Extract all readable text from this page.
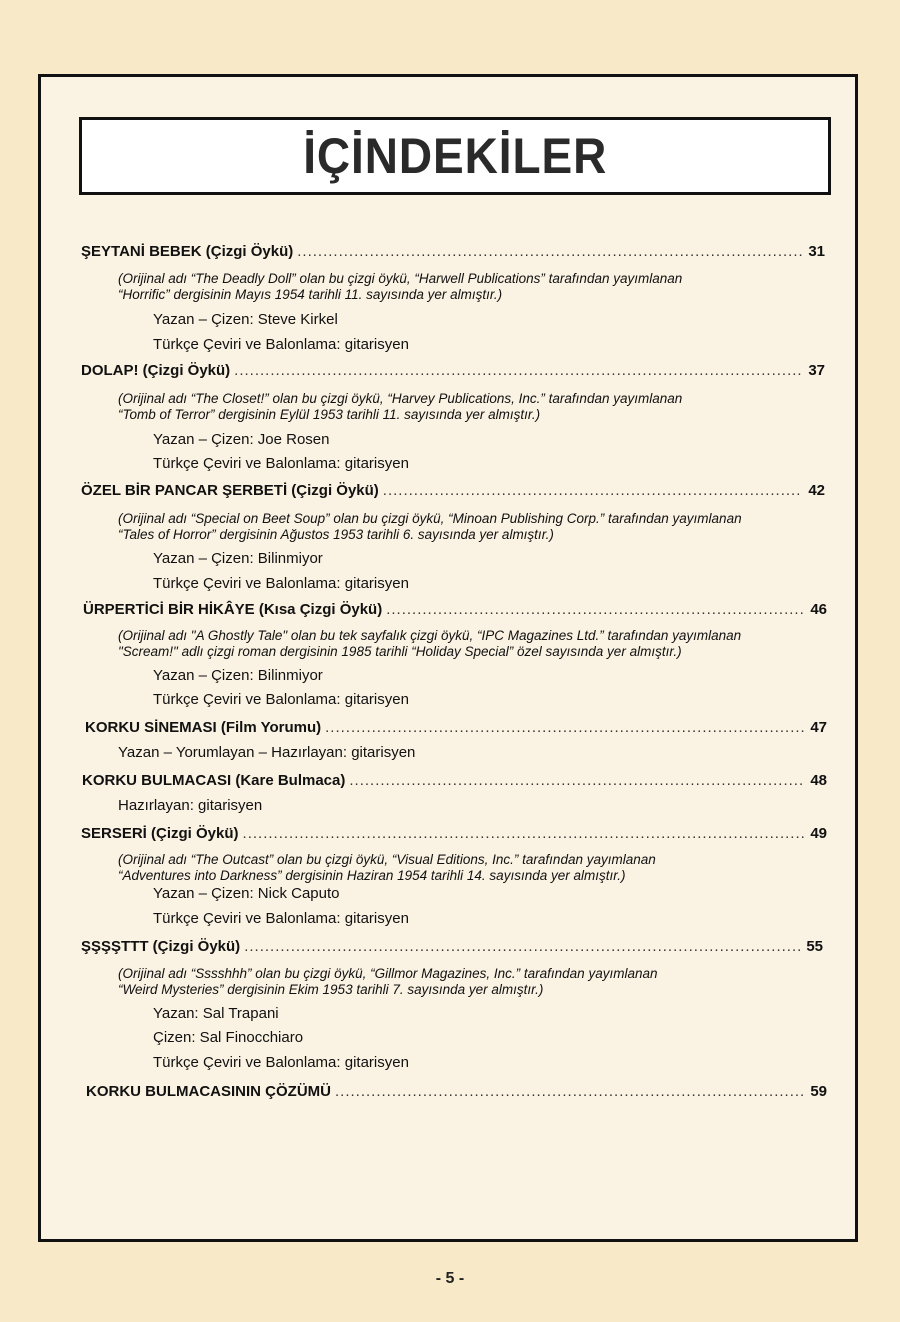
İÇİNDEKİLER
ŞEYTANİ BEBEK (Çizgi Öykü) .....	31
(Orijinal adı “The Deadly Doll” olan bu çizgi öykü, “Harwell Publications” tarafından yayımlanan
“Horrific” dergisinin Mayıs 1954 tarihli 11. sayısında yer almıştır.)
Yazan – Çizen: Steve Kirkel
Türkçe Çeviri ve Balonlama: gitarisyen
DOLAP! (Çizgi Öykü) .....	37
(Orijinal adı “The Closet!” olan bu çizgi öykü, “Harvey Publications, Inc.” tarafından yayımlanan
“Tomb of Terror” dergisinin Eylül 1953 tarihli 11. sayısında yer almıştır.)
Yazan – Çizen: Joe Rosen
Türkçe Çeviri ve Balonlama: gitarisyen
ÖZEL BİR PANCAR ŞERBETİ (Çizgi Öykü) .....	42
(Orijinal adı “Special on Beet Soup” olan bu çizgi öykü, “Minoan Publishing Corp.” tarafından yayımlanan
“Tales of Horror” dergisinin Ağustos 1953 tarihli 6. sayısında yer almıştır.)
Yazan – Çizen: Bilinmiyor
Türkçe Çeviri ve Balonlama: gitarisyen
ÜRPERTİCİ BİR HİKÂYE (Kısa Çizgi Öykü) .....	46
(Orijinal adı "A Ghostly Tale" olan bu tek sayfalık çizgi öykü, “IPC Magazines Ltd.” tarafından yayımlanan
"Scream!" adlı çizgi roman dergisinin 1985 tarihli “Holiday Special” özel sayısında yer almıştır.)
Yazan – Çizen: Bilinmiyor
Türkçe Çeviri ve Balonlama: gitarisyen
KORKU SİNEMASI (Film Yorumu) .....	47
Yazan – Yorumlayan – Hazırlayan: gitarisyen
KORKU BULMACASI (Kare Bulmaca) .....	48
Hazırlayan: gitarisyen
SERSERİ (Çizgi Öykü) .....	49
(Orijinal adı “The Outcast” olan bu çizgi öykü, “Visual Editions, Inc.” tarafından yayımlanan
“Adventures into Darkness” dergisinin Haziran 1954 tarihli 14. sayısında yer almıştır.)
Yazan – Çizen: Nick Caputo
Türkçe Çeviri ve Balonlama: gitarisyen
ŞŞŞŞTTT (Çizgi Öykü) .....	55
(Orijinal adı “Sssshhh” olan bu çizgi öykü, “Gillmor Magazines, Inc.” tarafından yayımlanan
“Weird Mysteries” dergisinin Ekim 1953 tarihli 7. sayısında yer almıştır.)
Yazan: Sal Trapani
Çizen: Sal Finocchiaro
Türkçe Çeviri ve Balonlama: gitarisyen
KORKU BULMACASININ ÇÖZÜMÜ .....	59
- 5 -
